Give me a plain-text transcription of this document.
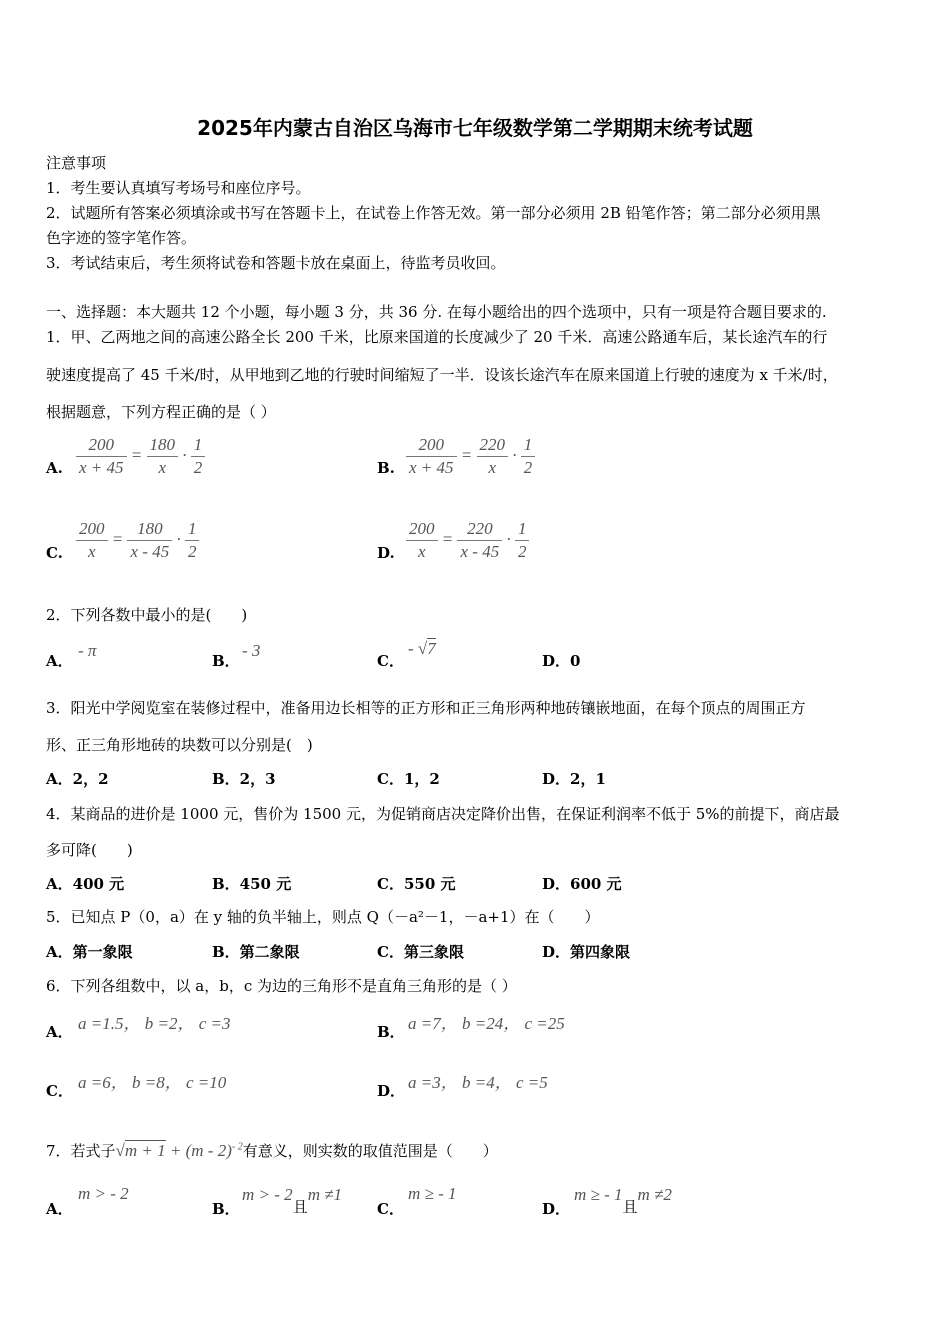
2025年内蒙古自治区乌海市七年级数学第二学期期末统考试题
注意事项
1．考生要认真填写考场号和座位序号。
2．试题所有答案必须填涂或书写在答题卡上，在试卷上作答无效。第一部分必须用 2B 铅笔作答；第二部分必须用黑
色字迹的签字笔作答。
3．考试结束后，考生须将试卷和答题卡放在桌面上，待监考员收回。
一、选择题：本大题共 12 个小题，每小题 3 分，共 36 分. 在每小题给出的四个选项中，只有一项是符合题目要求的.
1．甲、乙两地之间的高速公路全长 200 千米，比原来国道的长度减少了 20 千米．高速公路通车后，某长途汽车的行
驶速度提高了 45 千米/时，从甲地到乙地的行驶时间缩短了一半．设该长途汽车在原来国道上行驶的速度为 x 千米/时，
根据题意，下列方程正确的是（ ）
A. $\frac{200}{x + 45} = \frac{180}{x} \cdot \frac{1}{2}$	B. $\frac{200}{x + 45} = \frac{220}{x} \cdot \frac{1}{2}$
C. $\frac{200}{x} = \frac{180}{x - 45} \cdot \frac{1}{2}$	D. $\frac{200}{x} = \frac{220}{x - 45} \cdot \frac{1}{2}$
2．下列各数中最小的是(　　)
A．
- π
B．
- 3
C．
- √7
D．0
3．阳光中学阅览室在装修过程中，准备用边长相等的正方形和正三角形两种地砖镶嵌地面，在每个顶点的周围正方
形、正三角形地砖的块数可以分别是(　)
A．2，2	B．2，3	C．1，2	D．2，1
4．某商品的进价是 1000 元，售价为 1500 元，为促销商店决定降价出售，在保证利润率不低于 5%的前提下，商店最
多可降(　　)
A．400 元	B．450 元	C．550 元	D．600 元
5．已知点 P（0，a）在 y 轴的负半轴上，则点 Q（－a²－1，－a+1）在（　　）
A．第一象限	B．第二象限	C．第三象限	D．第四象限
6．下列各组数中，以 a，b，c 为边的三角形不是直角三角形的是（ ）
A． a =1.5， b =2， c =3	B． a =7， b =24， c =25
C． a =6， b =8， c =10	D． a =3， b =4， c =5
7．若式子√m + 1 + (m - 2)$^{- 2}$有意义，则实数的取值范围是（　　）
A．
m > - 2
B．
m > - 2且m ≠1
C．
m ≥ - 1
D．
m ≥ - 1且m ≠2
